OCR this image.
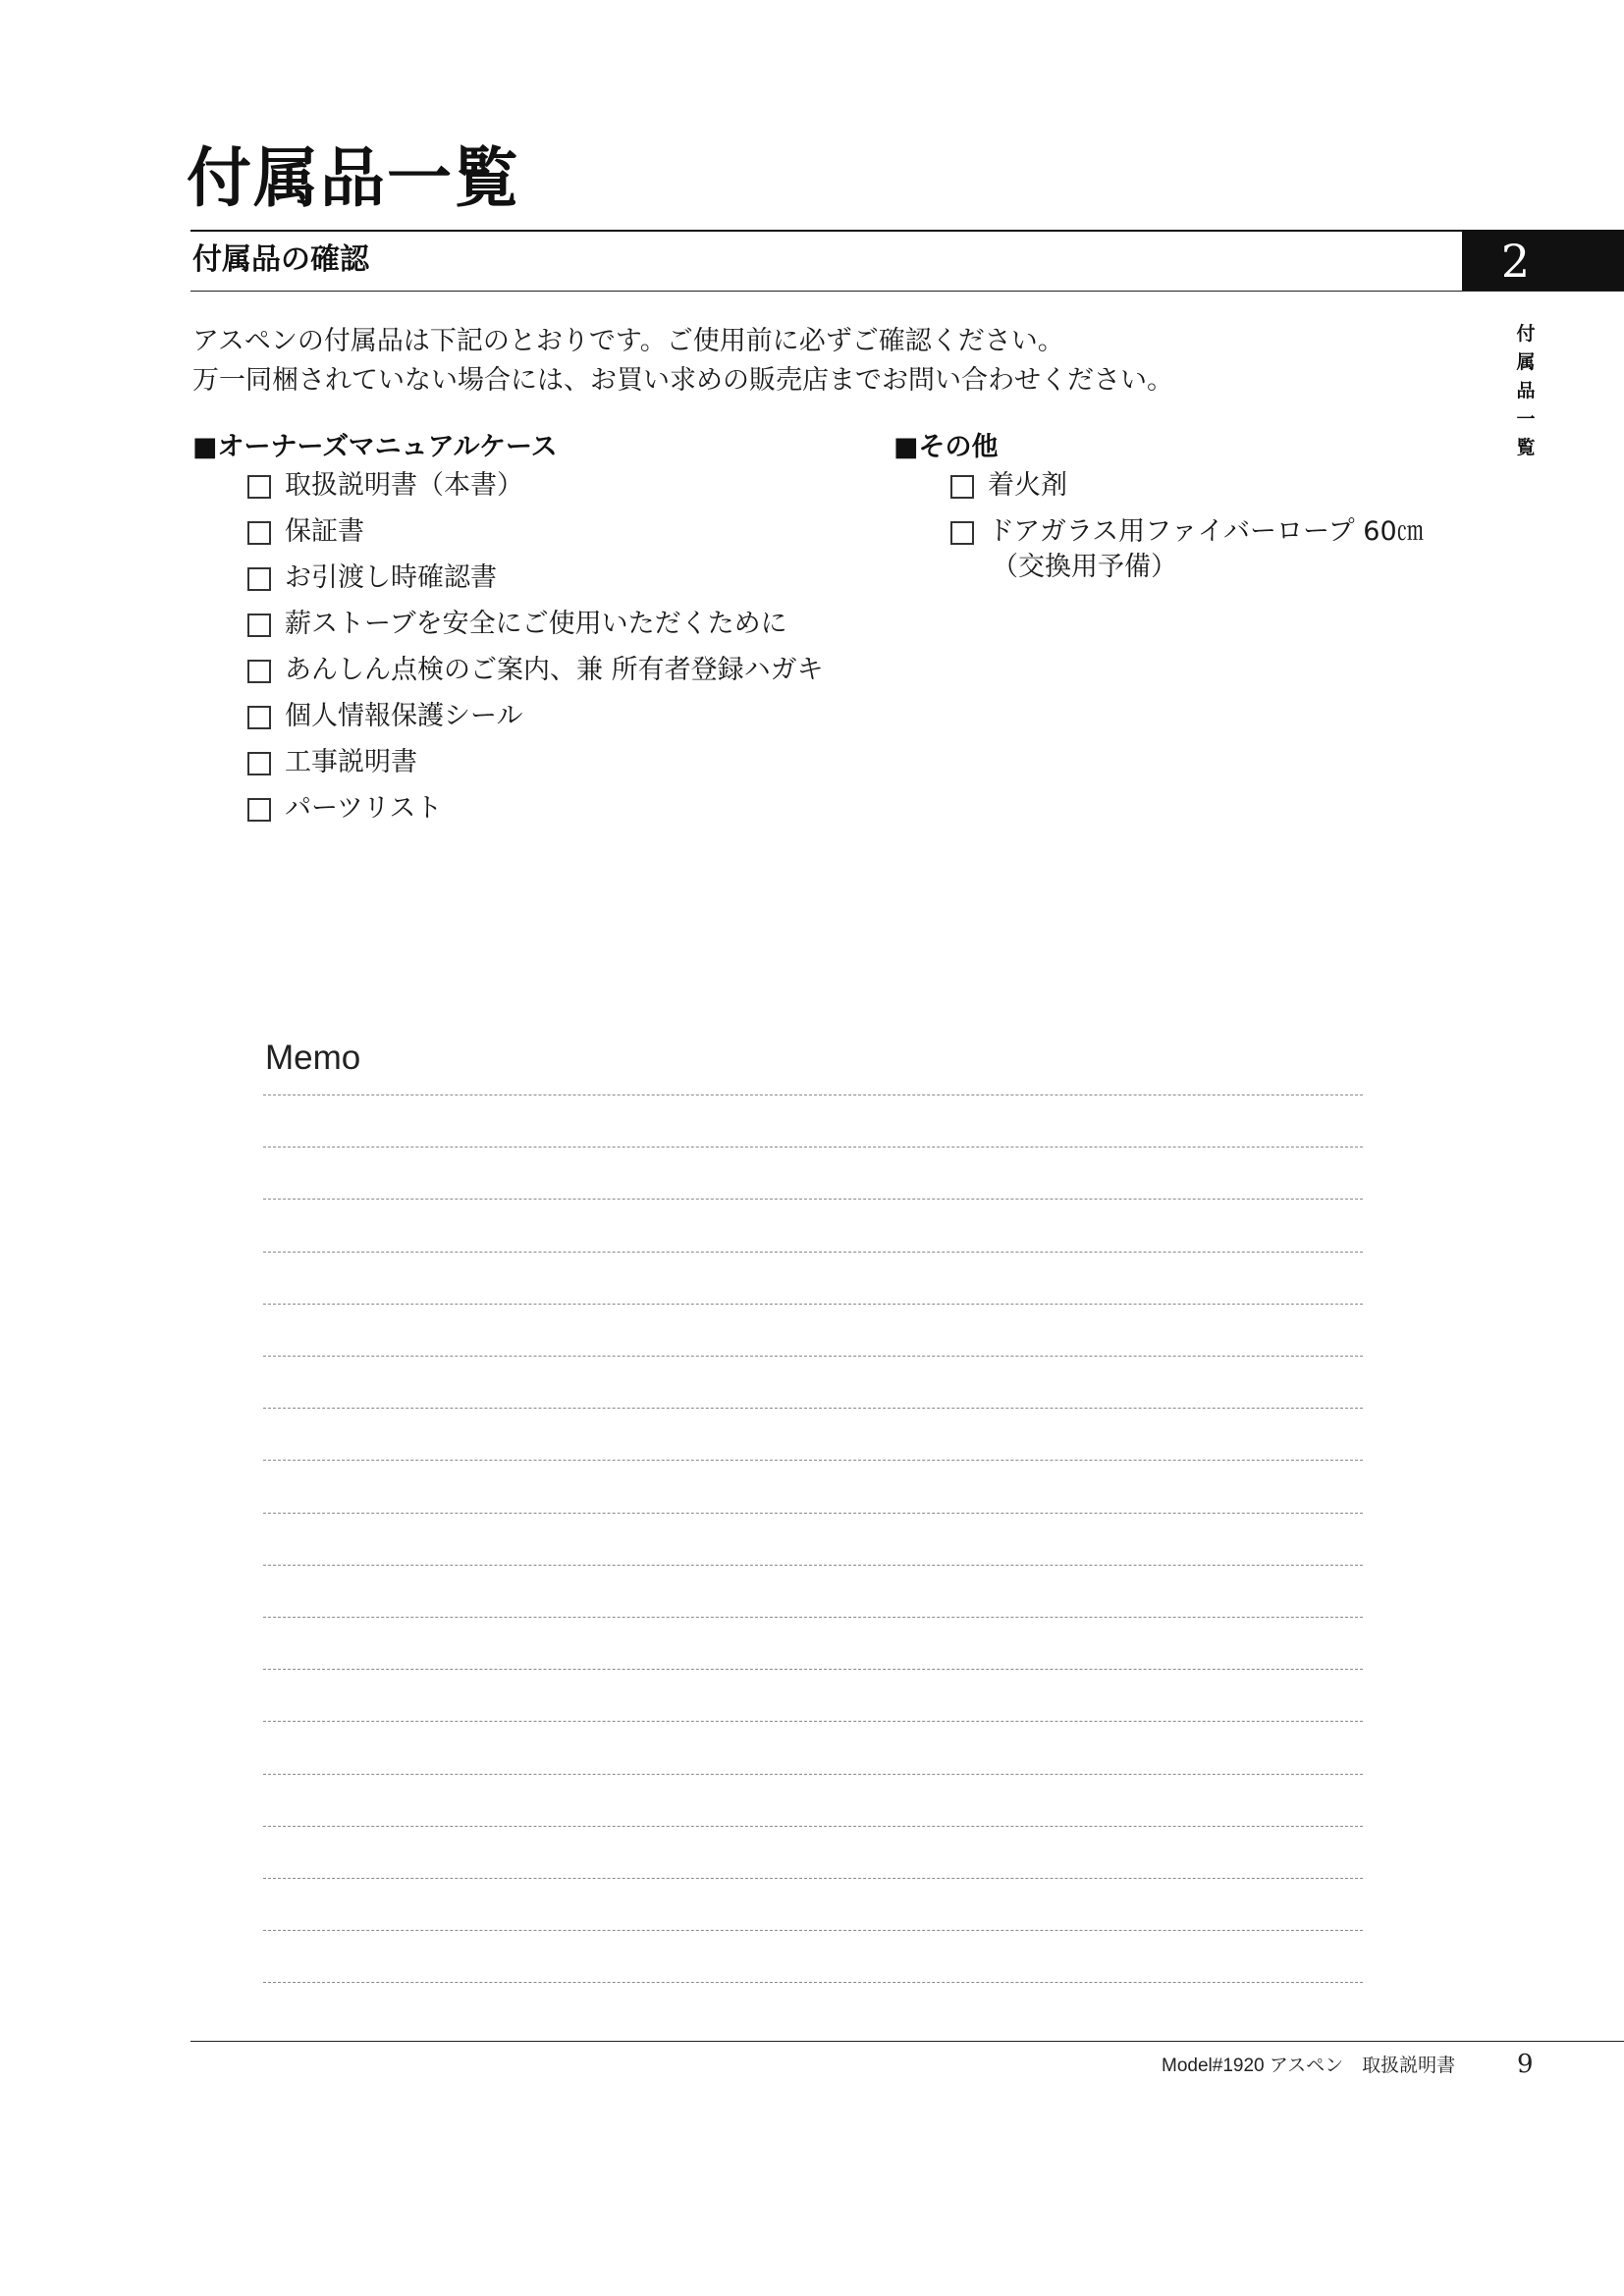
付属品一覧
付属品の確認	2
付
属
品
一
覧

アスペンの付属品は下記のとおりです。ご使用前に必ずご確認ください。

万一同梱されていない場合には、お買い求めの販売店までお問い合わせください。

■オーナーズマニュアルケース
取扱説明書（本書）
保証書
お引渡し時確認書
薪ストーブを安全にご使用いただくために
あんしん点検のご案内、兼 所有者登録ハガキ
個人情報保護シール
工事説明書
パーツリスト
■その他
着火剤
ドアガラス用ファイバーロープ 60㎝
（交換用予備）
Memo
Model#1920 アスペン　取扱説明書 9
